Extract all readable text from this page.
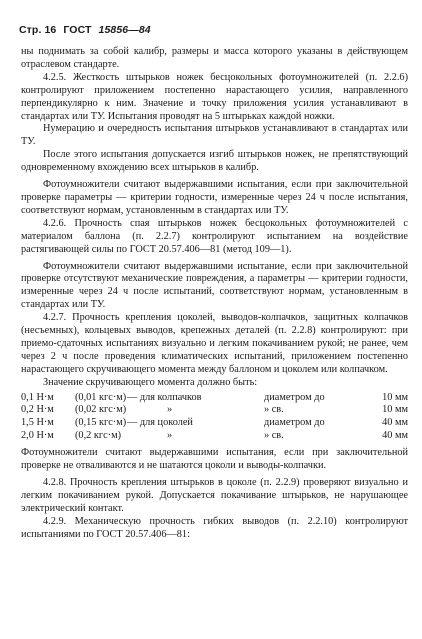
Стр. 16 ГОСТ 15856—84

ны поднимать за собой калибр, размеры и масса которого указаны в действующем отраслевом стандарте.

4.2.5. Жесткость штырьков ножек бесцокольных фотоумножителей (п. 2.2.6) контролируют приложением постепенно нарастающего усилия, направленного перпендикулярно к ним. Значение и точку приложения усилия устанавливают в стандартах или ТУ. Испытания проводят на 5 штырьках каждой ножки.

Нумерацию и очередность испытания штырьков устанавливают в стандартах или ТУ.

После этого испытания допускается изгиб штырьков ножек, не препятствующий одновременному вхождению всех штырьков в калибр.

Фотоумножители считают выдержавшими испытания, если при заключительной проверке параметры — критерии годности, измеренные через 24 ч после испытания, соответствуют нормам, установленным в стандартах или ТУ.

4.2.6. Прочность спая штырьков ножек бесцокольных фотоумножителей с материалом баллона (п. 2.2.7) контролируют испытанием на воздействие растягивающей силы по ГОСТ 20.57.406—81 (метод 109—1).

Фотоумножители считают выдержавшими испытание, если при заключительной проверке отсутствуют механические повреждения, а параметры — критерии годности, измеренные через 24 ч после испытаний, соответствуют нормам, установленным в стандартах или ТУ.

4.2.7. Прочность крепления цоколей, выводов-колпачков, защитных колпачков (несъемных), кольцевых выводов, крепежных деталей (п. 2.2.8) контролируют: при приемо-сдаточных испытаниях визуально и легким покачиванием рукой; не ранее, чем через 2 ч после проведения климатических испытаний, приложением постепенно нарастающего скручивающего момента между баллоном и цоколем или колпачком.

Значение скручивающего момента должно быть:

0,1 Н·м	(0,01 кгс·м) — для колпачков	диаметром до	10 мм
0,2 Н·м	(0,02 кгс·м)	»	» св.	10 мм
1,5 Н·м	(0,15 кгс·м) — для цоколей	диаметром до	40 мм
2,0 Н·м	(0,2 кгс·м)	»	» св.	40 мм

Фотоумножители считают выдержавшими испытания, если при заключительной проверке не отваливаются и не шатаются цоколи и выводы-колпачки.

4.2.8. Прочность крепления штырьков в цоколе (п. 2.2.9) проверяют визуально и легким покачиванием рукой. Допускается покачивание штырьков, не нарушающее электрический контакт.

4.2.9. Механическую прочность гибких выводов (п. 2.2.10) контролируют испытаниями по ГОСТ 20.57.406—81:
